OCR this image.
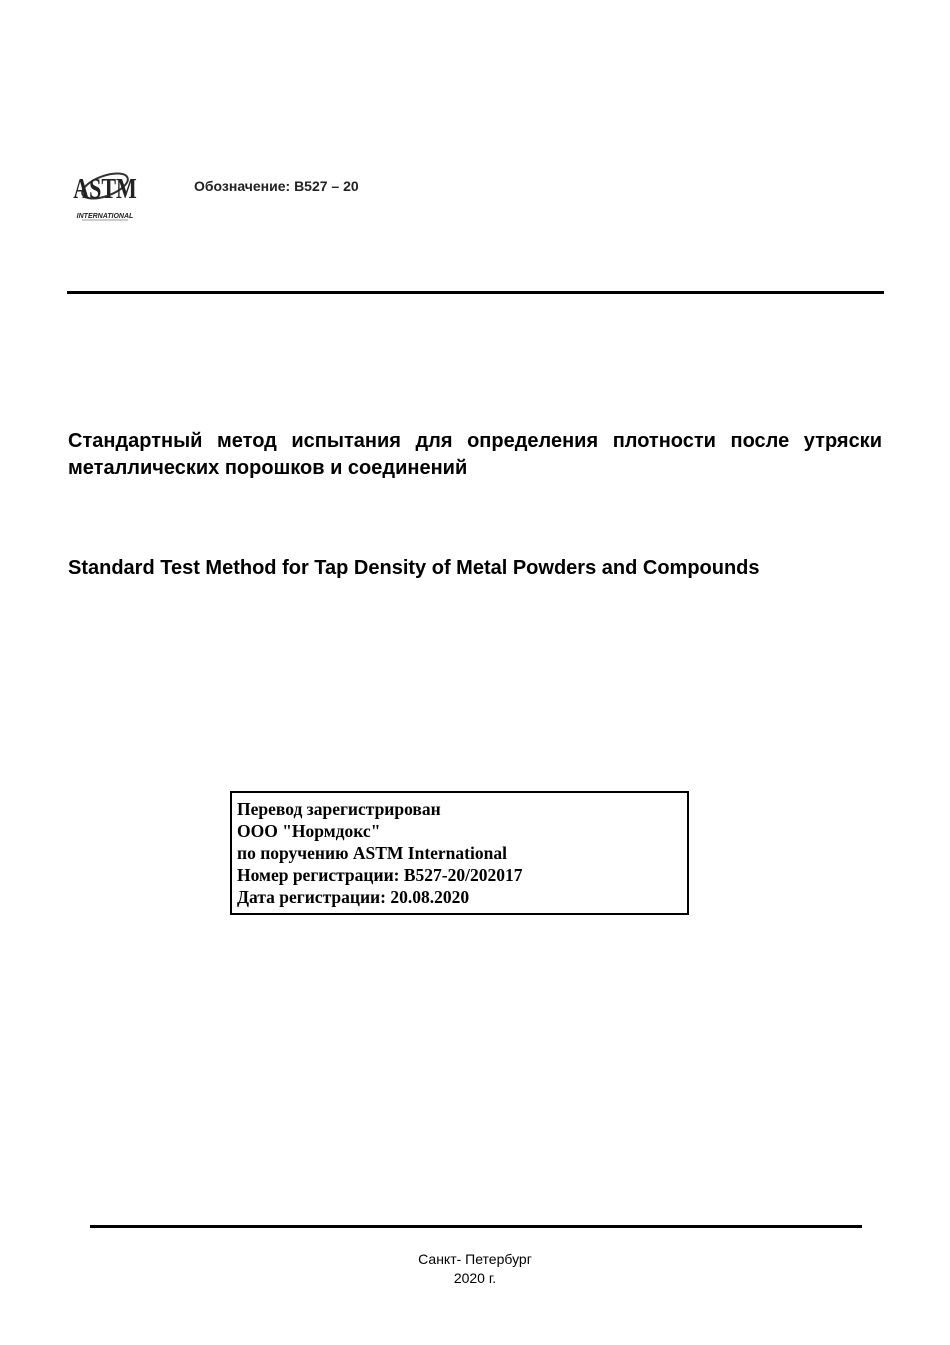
ASTM
INTERNATIONAL
Обозначение: B527 – 20
Стандартный метод испытания для определения плотности после утряски металлических порошков и соединений
Standard Test Method for Tap Density of Metal Powders and Compounds
Перевод зарегистрирован
ООО "Нормдокс"
по поручению ASTM International
Номер регистрации: B527-20/202017
Дата регистрации: 20.08.2020
Санкт- Петербург
2020 г.
